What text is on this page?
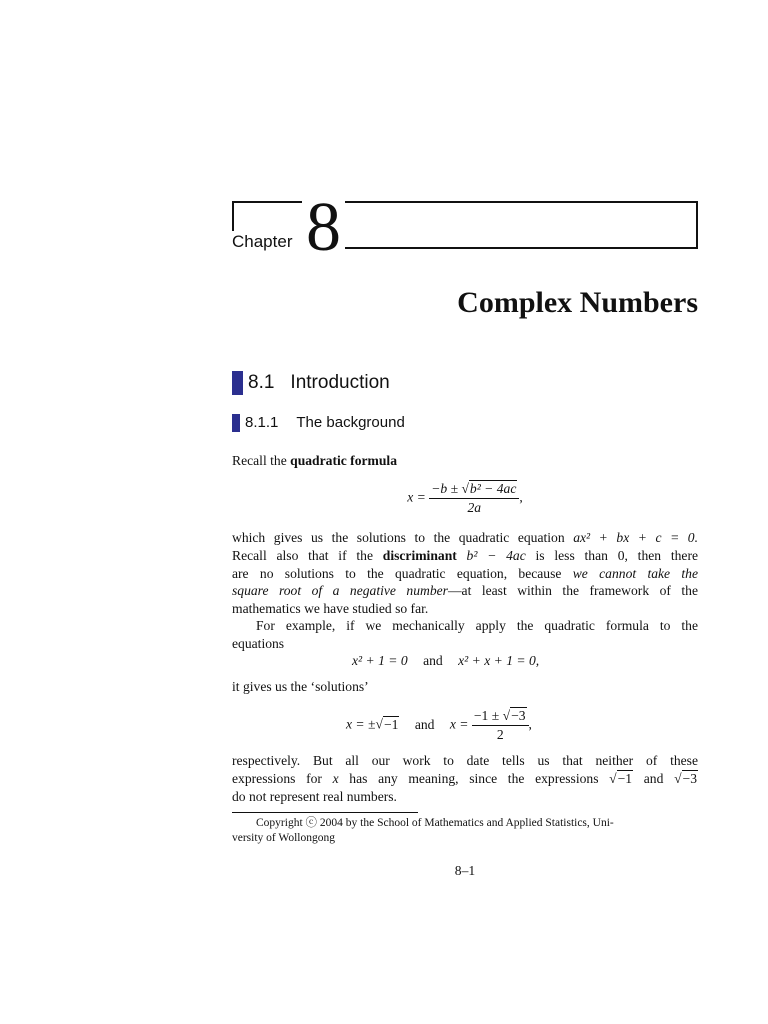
Chapter 8
Complex Numbers
8.1 Introduction
8.1.1 The background
Recall the quadratic formula
$x = \frac{\text{−b ± √b² − 4ac}}{2a}$ ,
which gives us the solutions to the quadratic equation ax² + bx + c = 0.
Recall also that if the discriminant b² − 4ac is less than 0, then there
are no solutions to the quadratic equation, because we cannot take the
square root of a negative number—at least within the framework of the
mathematics we have studied so far.
For example, if we mechanically apply the quadratic formula to the
equations
x² + 1 = 0 and x² + x + 1 = 0,
it gives us the ‘solutions’
x = ±√−1 and $x = \frac{-1 \pm √-3}{2}$ ,
respectively. But all our work to date tells us that neither of these
expressions for x has any meaning, since the expressions √−1 and √−3
do not represent real numbers.
Copyright ⓒ 2004 by the School of Mathematics and Applied Statistics, Uni-
versity of Wollongong
8–1
